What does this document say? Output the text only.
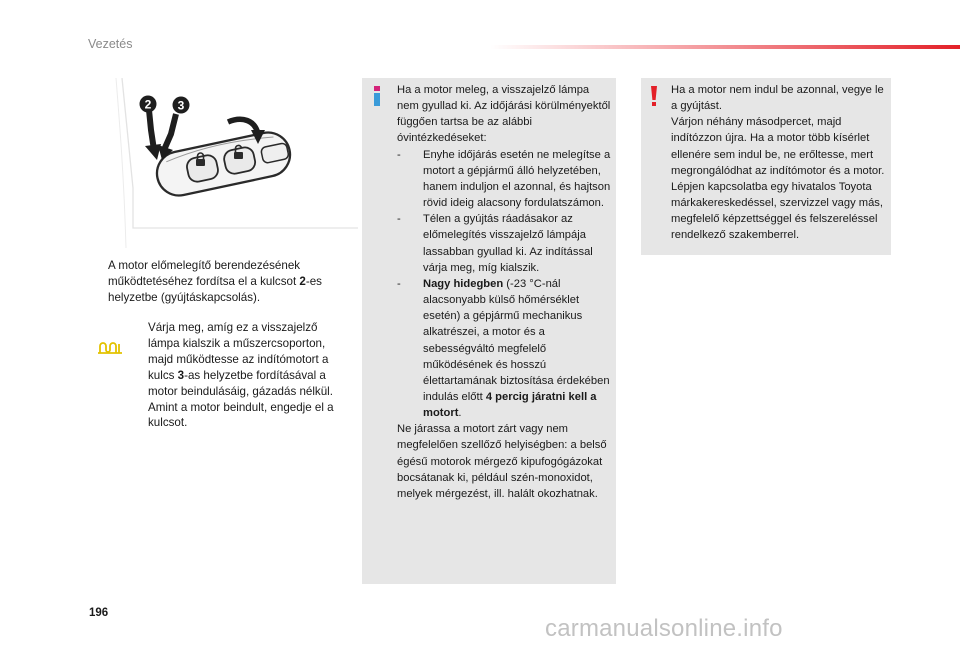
Vezetés
2 3
A motor előmelegítő berendezésének működtetéséhez fordítsa el a kulcsot 2-es helyzetbe (gyújtáskapcsolás).
Várja meg, amíg ez a visszajelző lámpa kialszik a műszercsoporton, majd működtesse az indítómotort a kulcs 3-as helyzetbe fordításával a motor beindulásáig, gázadás nélkül. Amint a motor beindult, engedje el a kulcsot.
Ha a motor meleg, a visszajelző lámpa nem gyullad ki. Az időjárási körülményektől függően tartsa be az alábbi óvintézkedéseket:
- Enyhe időjárás esetén ne melegítse a motort a gépjármű álló helyzetében, hanem induljon el azonnal, és hajtson rövid ideig alacsony fordulatszámon.
- Télen a gyújtás ráadásakor az előmelegítés visszajelző lámpája lassabban gyullad ki. Az indítással várja meg, míg kialszik.
- Nagy hidegben (-23 °C-nál alacsonyabb külső hőmérséklet esetén) a gépjármű mechanikus alkatrészei, a motor és a sebességváltó megfelelő működésének és hosszú élettartamának biztosítása érdekében indulás előtt 4 percig járatni kell a motort.
Ne járassa a motort zárt vagy nem megfelelően szellőző helyiségben: a belső égésű motorok mérgező kipufogógázokat bocsátanak ki, például szén-monoxidot, melyek mérgezést, ill. halált okozhatnak.
Ha a motor nem indul be azonnal, vegye le a gyújtást.
Várjon néhány másodpercet, majd indítózzon újra. Ha a motor több kísérlet ellenére sem indul be, ne erőltesse, mert megrongálódhat az indítómotor és a motor.
Lépjen kapcsolatba egy hivatalos Toyota márkakereskedéssel, szervizzel vagy más, megfelelő képzettséggel és felszereléssel rendelkező szakemberrel.
196
carmanualsonline.info
